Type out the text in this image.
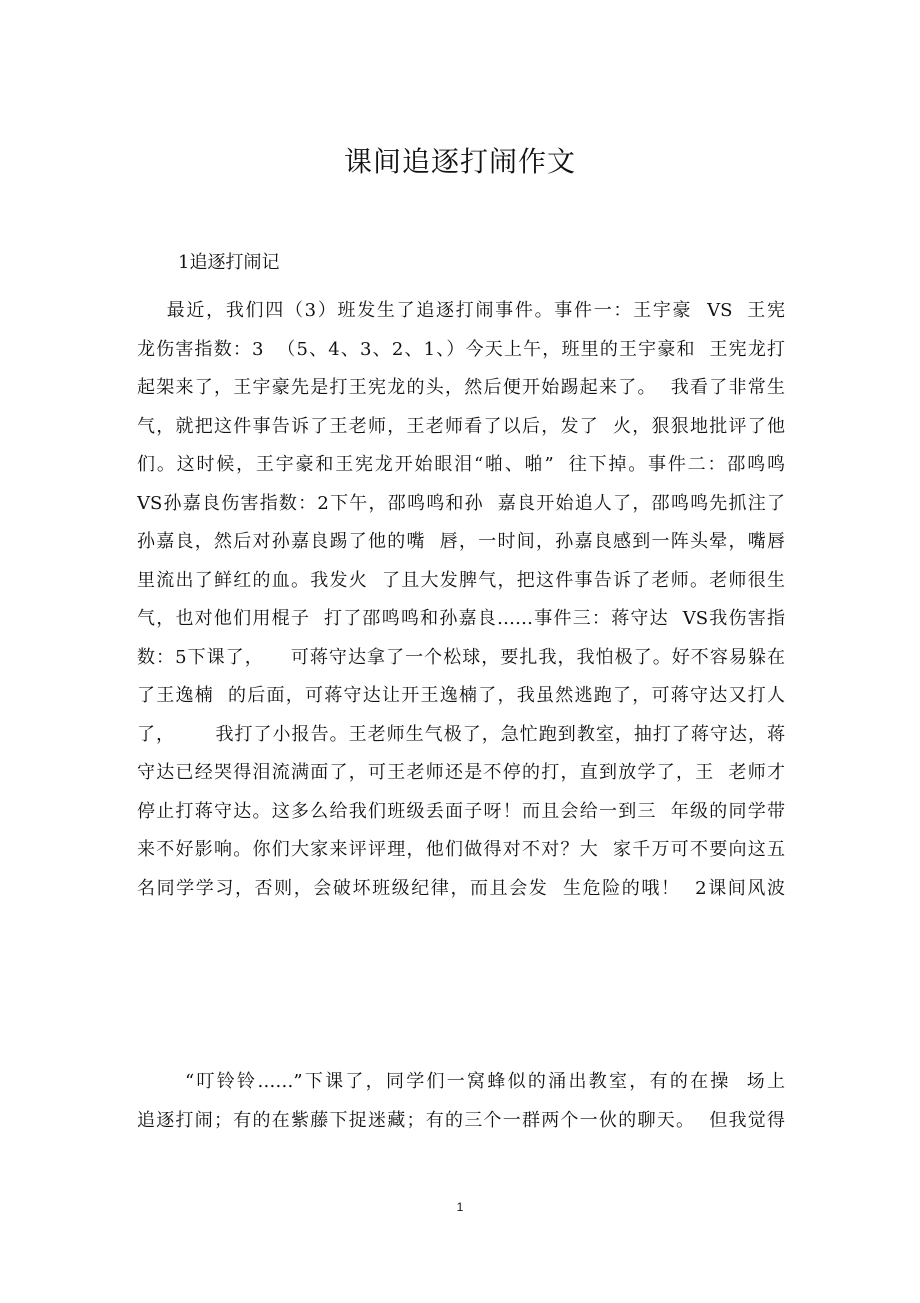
课间追逐打闹作文
1追逐打闹记
最近，我们四（3）班发生了追逐打闹事件。事件一：王宇豪  VS  王宪
龙伤害指数：3  （5、4、3、2、1、）今天上午，班里的王宇豪和  王宪龙打
起架来了，王宇豪先是打王宪龙的头，然后便开始踢起来了。  我看了非常生
气，就把这件事告诉了王老师，王老师看了以后，发了  火，狠狠地批评了他
们。这时候，王宇豪和王宪龙开始眼泪“啪、啪”  往下掉。事件二：邵鸣鸣
VS孙嘉良伤害指数：2下午，邵鸣鸣和孙  嘉良开始追人了，邵鸣鸣先抓注了
孙嘉良，然后对孙嘉良踢了他的嘴  唇，一时间，孙嘉良感到一阵头晕，嘴唇
里流出了鲜红的血。我发火  了且大发脾气，把这件事告诉了老师。老师很生
气，也对他们用棍子  打了邵鸣鸣和孙嘉良……事件三：蒋守达  VS我伤害指
数：5下课了，    可蒋守达拿了一个松球，要扎我，我怕极了。好不容易躲在
了王逸楠  的后面，可蒋守达让开王逸楠了，我虽然逃跑了，可蒋守达又打人
了，      我打了小报告。王老师生气极了，急忙跑到教室，抽打了蒋守达，蒋
守达已经哭得泪流满面了，可王老师还是不停的打，直到放学了，王  老师才
停止打蒋守达。这多么给我们班级丢面子呀！而且会给一到三  年级的同学带
来不好影响。你们大家来评评理，他们做得对不对？大  家千万可不要向这五
名同学学习，否则，会破坏班级纪律，而且会发  生危险的哦！  2课间风波
“叮铃铃……”下课了，同学们一窝蜂似的涌出教室，有的在操  场上
追逐打闹；有的在紫藤下捉迷藏；有的三个一群两个一伙的聊天。  但我觉得
1
